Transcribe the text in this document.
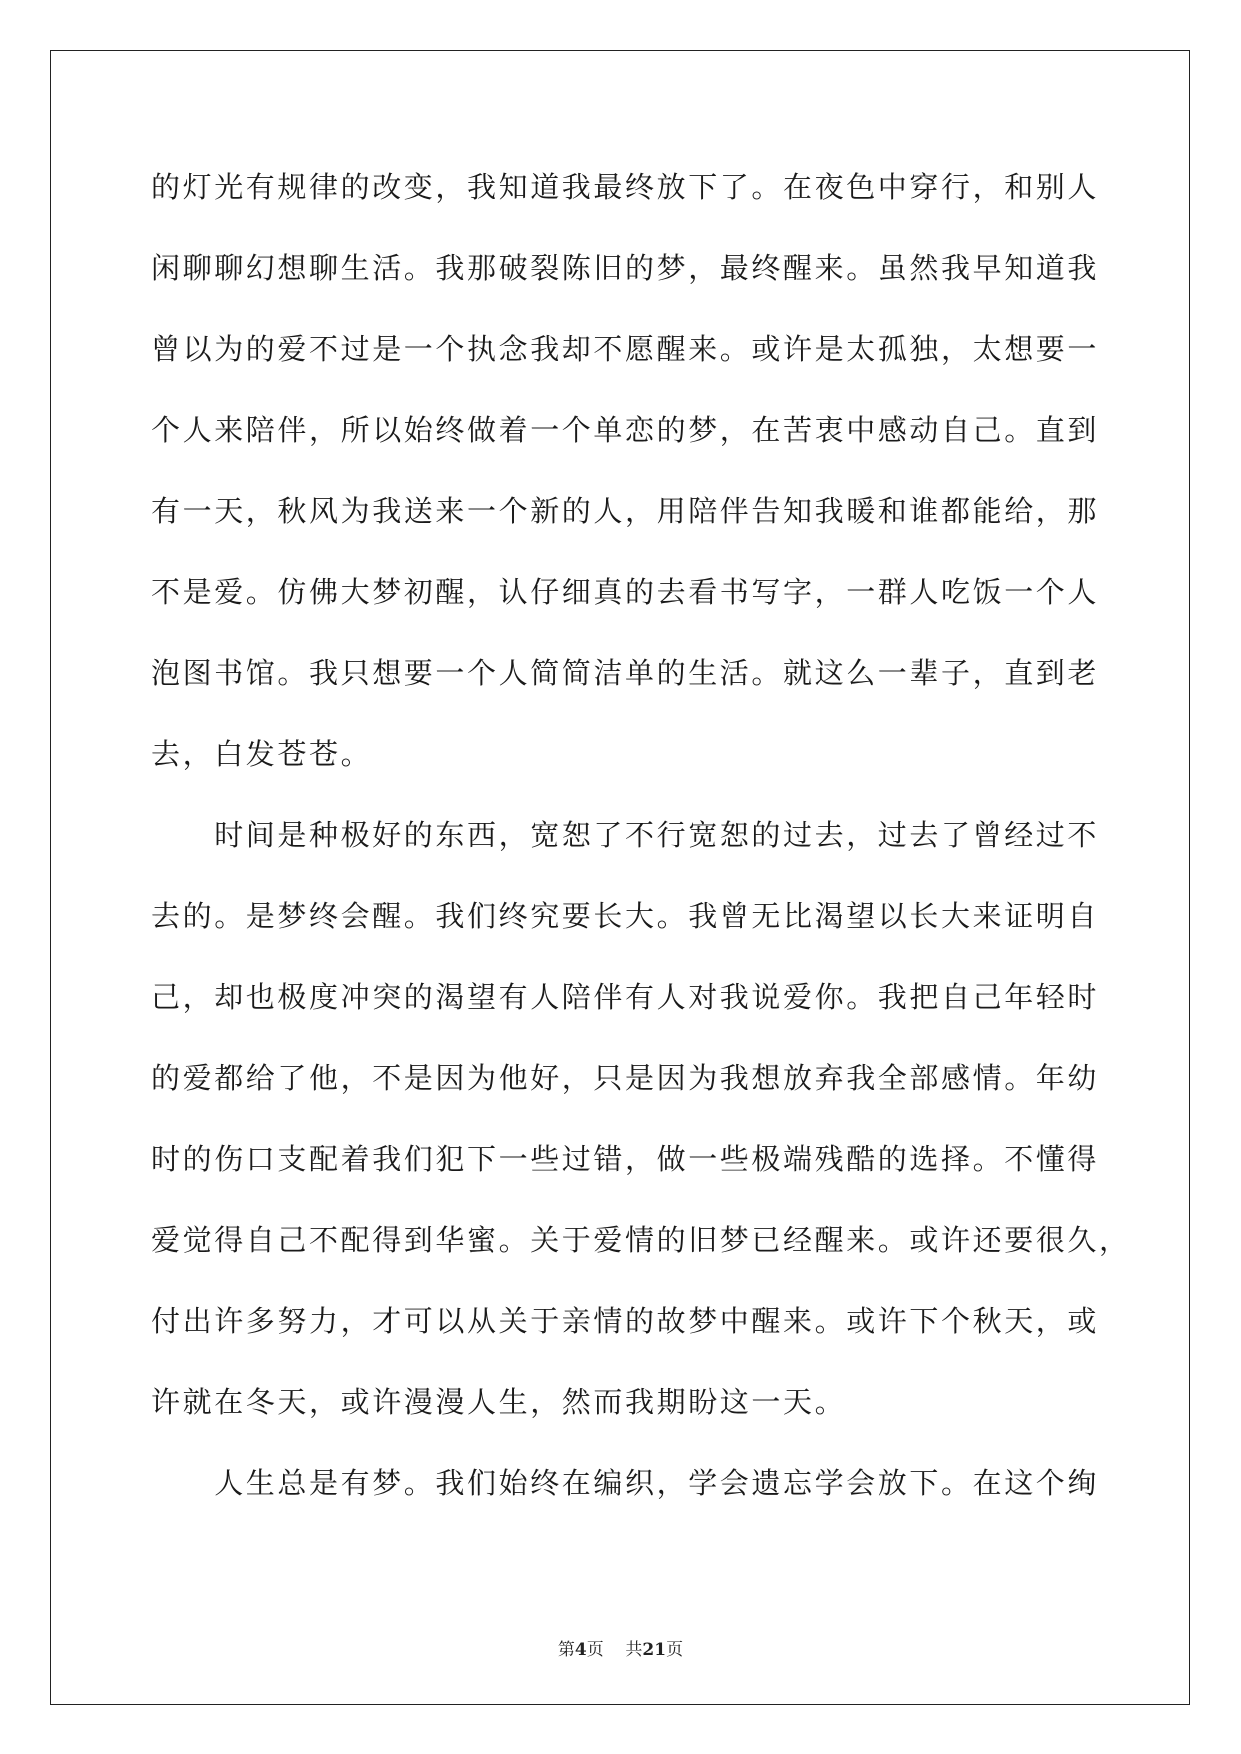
的灯光有规律的改变，我知道我最终放下了。在夜色中穿行，和别人
闲聊聊幻想聊生活。我那破裂陈旧的梦，最终醒来。虽然我早知道我
曾以为的爱不过是一个执念我却不愿醒来。或许是太孤独，太想要一
个人来陪伴，所以始终做着一个单恋的梦，在苦衷中感动自己。直到
有一天，秋风为我送来一个新的人，用陪伴告知我暖和谁都能给，那
不是爱。仿佛大梦初醒，认仔细真的去看书写字，一群人吃饭一个人
泡图书馆。我只想要一个人简简洁单的生活。就这么一辈子，直到老
去，白发苍苍。
　　时间是种极好的东西，宽恕了不行宽恕的过去，过去了曾经过不
去的。是梦终会醒。我们终究要长大。我曾无比渴望以长大来证明自
己，却也极度冲突的渴望有人陪伴有人对我说爱你。我把自己年轻时
的爱都给了他，不是因为他好，只是因为我想放弃我全部感情。年幼
时的伤口支配着我们犯下一些过错，做一些极端残酷的选择。不懂得
爱觉得自己不配得到华蜜。关于爱情的旧梦已经醒来。或许还要很久，
付出许多努力，才可以从关于亲情的故梦中醒来。或许下个秋天，或
许就在冬天，或许漫漫人生，然而我期盼这一天。
　　人生总是有梦。我们始终在编织，学会遗忘学会放下。在这个绚
第4页 共21页
